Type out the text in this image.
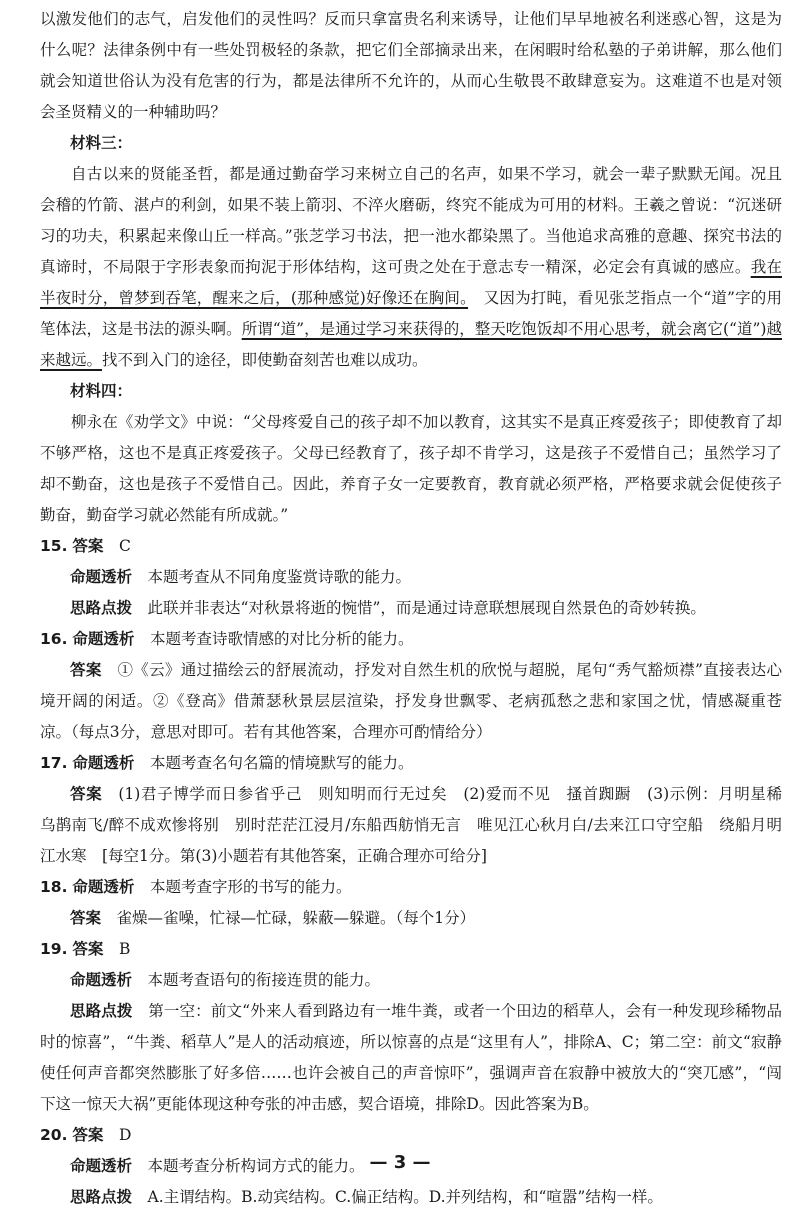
以激发他们的志气，启发他们的灵性吗？反而只拿富贵名利来诱导，让他们早早地被名利迷惑心智，这是为什么呢？法律条例中有一些处罚极轻的条款，把它们全部摘录出来，在闲暇时给私塾的子弟讲解，那么他们就会知道世俗认为没有危害的行为，都是法律所不允许的，从而心生敬畏不敢肆意妄为。这难道不也是对领会圣贤精义的一种辅助吗？

材料三：

自古以来的贤能圣哲，都是通过勤奋学习来树立自己的名声，如果不学习，就会一辈子默默无闻。况且会稽的竹箭、湛卢的利剑，如果不装上箭羽、不淬火磨砺，终究不能成为可用的材料。王羲之曾说：“沉迷研习的功夫，积累起来像山丘一样高。”张芝学习书法，把一池水都染黑了。当他追求高雅的意趣、探究书法的真谛时，不局限于字形表象而拘泥于形体结构，这可贵之处在于意志专一精深，必定会有真诚的感应。我在半夜时分，曾梦到吞笔，醒来之后，(那种感觉)好像还在胸间。　 又因为打盹，看见张芝指点一个“道”字的用笔体法，这是书法的源头啊。所谓“道”，是通过学习来获得的，整天吃饱饭却不用心思考，就会离它(“道”)越来越远。找不到入门的途径，即使勤奋刻苦也难以成功。

材料四：

柳永在《劝学文》中说：“父母疼爱自己的孩子却不加以教育，这其实不是真正疼爱孩子；即使教育了却不够严格，这也不是真正疼爱孩子。父母已经教育了，孩子却不肯学习，这是孩子不爱惜自己；虽然学习了却不勤奋，这也是孩子不爱惜自己。因此，养育子女一定要教育，教育就必须严格，严格要求就会促使孩子勤奋，勤奋学习就必然能有所成就。”

15. 答案　 C

命题透析　 本题考查从不同角度鉴赏诗歌的能力。

思路点拨　 此联并非表达“对秋景将逝的惋惜”，而是通过诗意联想展现自然景色的奇妙转换。

16. 命题透析　 本题考查诗歌情感的对比分析的能力。

答案　 ①《云》通过描绘云的舒展流动，抒发对自然生机的欣悦与超脱，尾句“秀气豁烦襟”直接表达心境开阔的闲适。②《登高》借萧瑟秋景层层渲染，抒发身世飘零、老病孤愁之悲和家国之忧，情感凝重苍凉。（每点3分，意思对即可。若有其他答案，合理亦可酌情给分）

17. 命题透析　 本题考查名句名篇的情境默写的能力。

答案　 (1)君子博学而日参省乎己　则知明而行无过矣　(2)爱而不见　搔首踟蹰　(3)示例：月明星稀　乌鹊南飞/醉不成欢惨将别　别时茫茫江浸月/东船西舫悄无言　唯见江心秋月白/去来江口守空船　绕船月明江水寒　[每空1分。第(3)小题若有其他答案，正确合理亦可给分]

18. 命题透析　 本题考查字形的书写的能力。

答案　 雀燥—雀噪，忙禄—忙碌，躲蔽—躲避。（每个1分）

19. 答案　 B

命题透析　 本题考查语句的衔接连贯的能力。

思路点拨　 第一空：前文“外来人看到路边有一堆牛粪，或者一个田边的稻草人，会有一种发现珍稀物品时的惊喜”，“牛粪、稻草人”是人的活动痕迹，所以惊喜的点是“这里有人”，排除A、C；第二空：前文“寂静使任何声音都突然膨胀了好多倍……也许会被自己的声音惊吓”，强调声音在寂静中被放大的“突兀感”，“闯下这一惊天大祸”更能体现这种夸张的冲击感，契合语境，排除D。因此答案为B。

20. 答案　 D

命题透析　 本题考查分析构词方式的能力。

思路点拨　 A.主谓结构。B.动宾结构。C.偏正结构。D.并列结构，和“喧嚣”结构一样。

— 3 —
